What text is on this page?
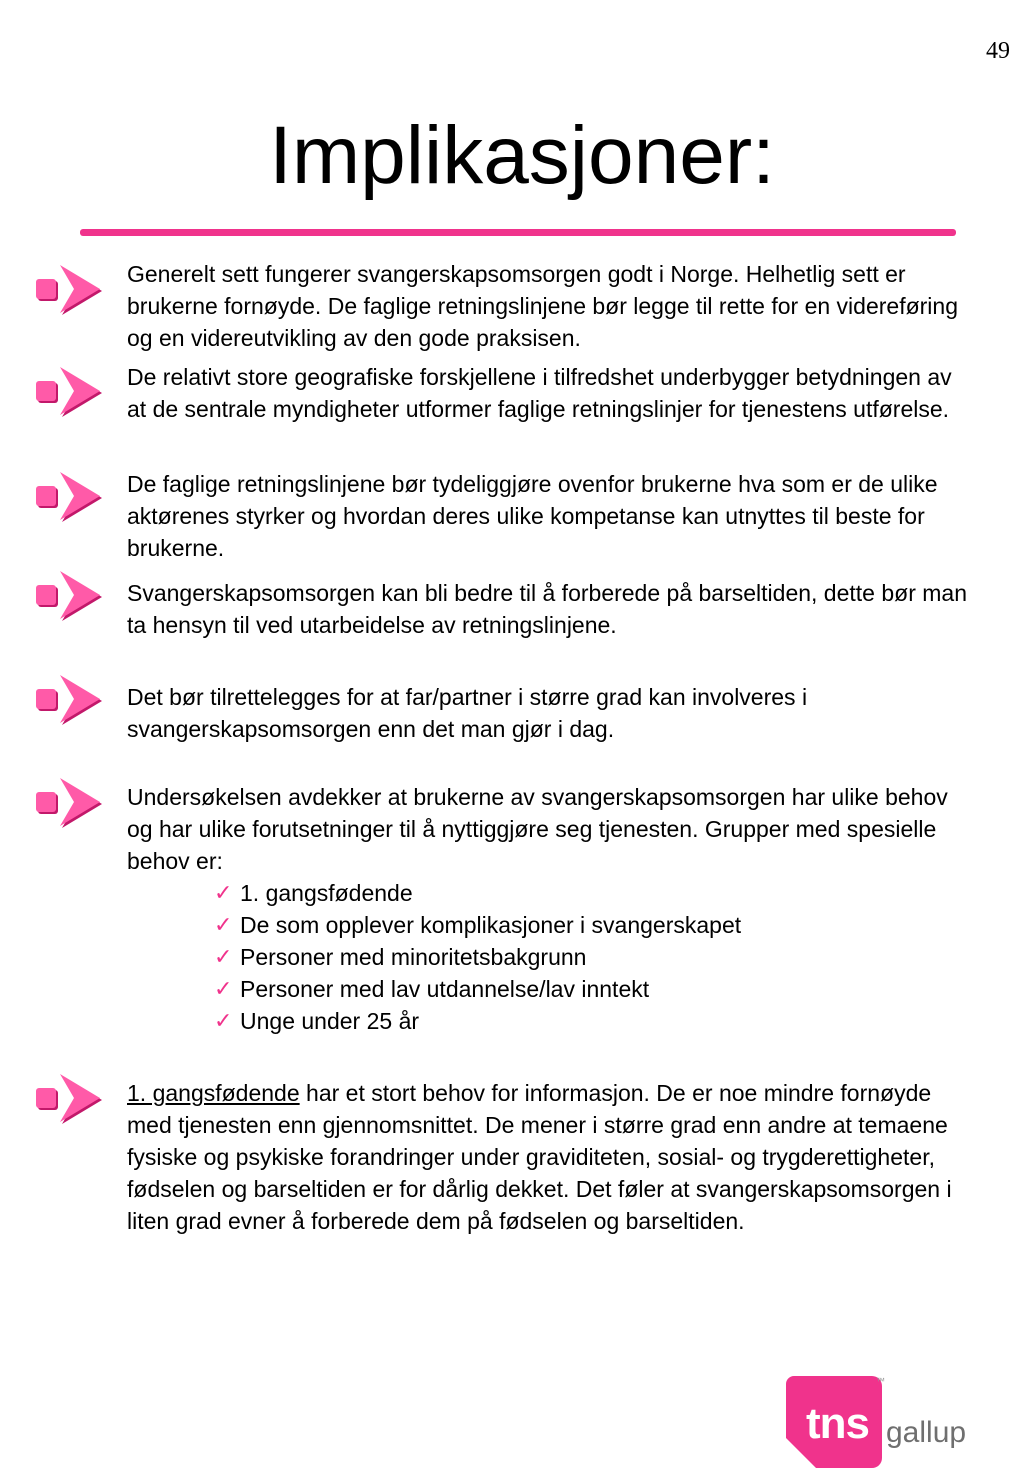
49
Implikasjoner:

Generelt sett fungerer svangerskapsomsorgen godt i Norge. Helhetlig sett er brukerne fornøyde. De faglige retningslinjene bør legge til rette for en videreføring og en videreutvikling av den gode praksisen.

De relativt store geografiske forskjellene i tilfredshet underbygger betydningen av at de sentrale myndigheter utformer faglige retningslinjer for tjenestens utførelse.

De faglige retningslinjene bør tydeliggjøre ovenfor brukerne hva som er de ulike aktørenes styrker og hvordan deres ulike kompetanse kan utnyttes til beste for brukerne.

Svangerskapsomsorgen kan bli bedre til å forberede på barseltiden, dette bør man ta hensyn til ved utarbeidelse av retningslinjene.

Det bør tilrettelegges for at far/partner i større grad kan involveres i svangerskapsomsorgen enn det man gjør i dag.

Undersøkelsen avdekker at brukerne av svangerskapsomsorgen har ulike behov og har ulike forutsetninger til å nyttiggjøre seg tjenesten. Grupper med spesielle behov er:

✓ 1. gangsfødende
✓ De som opplever komplikasjoner i svangerskapet
✓ Personer med minoritetsbakgrunn
✓ Personer med lav utdannelse/lav inntekt
✓ Unge under 25 år

1. gangsfødende har et stort behov for informasjon. De er noe mindre fornøyde med tjenesten enn gjennomsnittet. De mener i større grad enn andre at temaene fysiske og psykiske forandringer under graviditeten, sosial- og trygderettigheter, fødselen og barseltiden er for dårlig dekket. Det føler at svangerskapsomsorgen i liten grad evner å forberede dem på fødselen og barseltiden.

tns gallup
™
